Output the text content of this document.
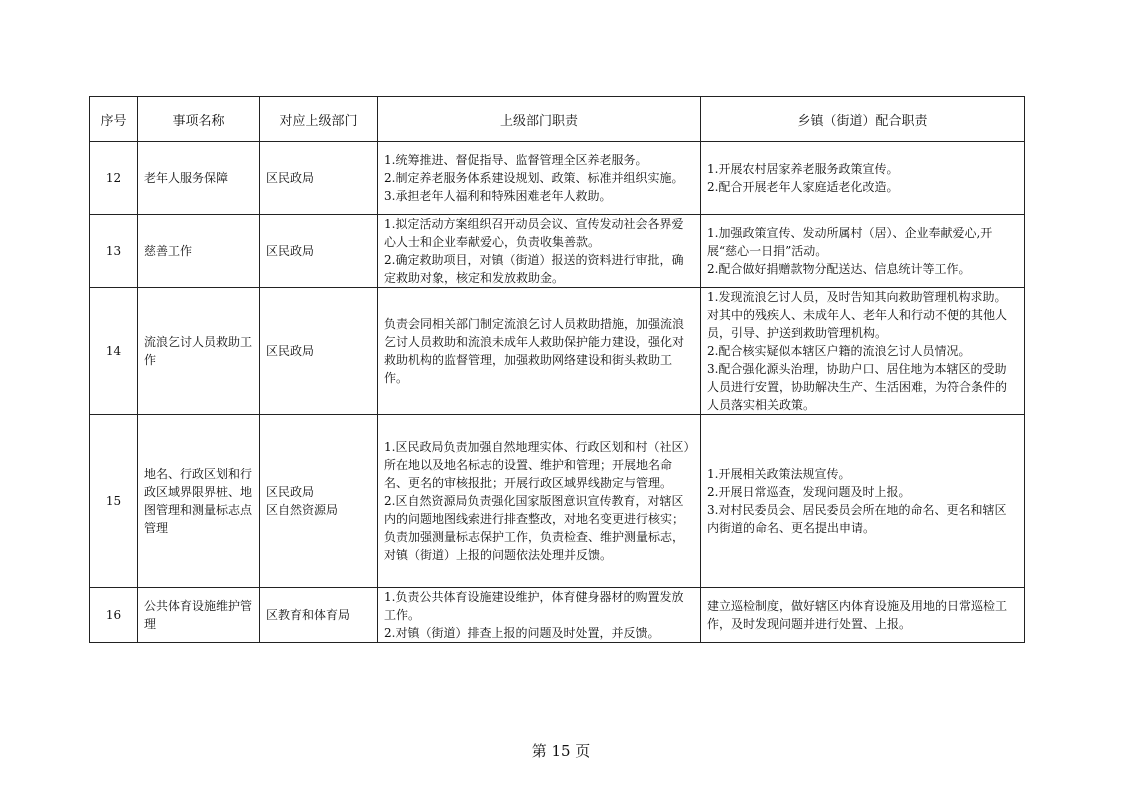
序号	事项名称	对应上级部门	上级部门职责	乡镇（街道）配合职责
12	老年人服务保障	区民政局	1.统筹推进、督促指导、监督管理全区养老服务。
2.制定养老服务体系建设规划、政策、标准并组织实施。
3.承担老年人福利和特殊困难老年人救助。	1.开展农村居家养老服务政策宣传。
2.配合开展老年人家庭适老化改造。

13	慈善工作	区民政局	1.拟定活动方案组织召开动员会议、宣传发动社会各界爱心人士和企业奉献爱心，负责收集善款。
2.确定救助项目，对镇（街道）报送的资料进行审批，确定救助对象，核定和发放救助金。	1.加强政策宣传、发动所属村（居）、企业奉献爱心,开展“慈心一日捐”活动。
2.配合做好捐赠款物分配送达、信息统计等工作。

14	流浪乞讨人员救助工作	区民政局	负责会同相关部门制定流浪乞讨人员救助措施，加强流浪乞讨人员救助和流浪未成年人救助保护能力建设，强化对救助机构的监督管理，加强救助网络建设和街头救助工作。	1.发现流浪乞讨人员，及时告知其向救助管理机构求助。对其中的残疾人、未成年人、老年人和行动不便的其他人员，引导、护送到救助管理机构。
2.配合核实疑似本辖区户籍的流浪乞讨人员情况。
3.配合强化源头治理，协助户口、居住地为本辖区的受助人员进行安置，协助解决生产、生活困难，为符合条件的人员落实相关政策。

15	地名、行政区划和行政区域界限界桩、地图管理和测量标志点管理	区民政局
区自然资源局	1.区民政局负责加强自然地理实体、行政区划和村（社区）所在地以及地名标志的设置、维护和管理；开展地名命名、更名的审核报批；开展行政区域界线勘定与管理。
2.区自然资源局负责强化国家版图意识宣传教育，对辖区内的问题地图线索进行排查整改，对地名变更进行核实；负责加强测量标志保护工作，负责检查、维护测量标志，对镇（街道）上报的问题依法处理并反馈。	1.开展相关政策法规宣传。
2.开展日常巡查，发现问题及时上报。
3.对村民委员会、居民委员会所在地的命名、更名和辖区内街道的命名、更名提出申请。

16	公共体育设施维护管理	区教育和体育局	1.负责公共体育设施建设维护，体育健身器材的购置发放工作。
2.对镇（街道）排查上报的问题及时处置，并反馈。	建立巡检制度，做好辖区内体育设施及用地的日常巡检工作，及时发现问题并进行处置、上报。
第 15 页
